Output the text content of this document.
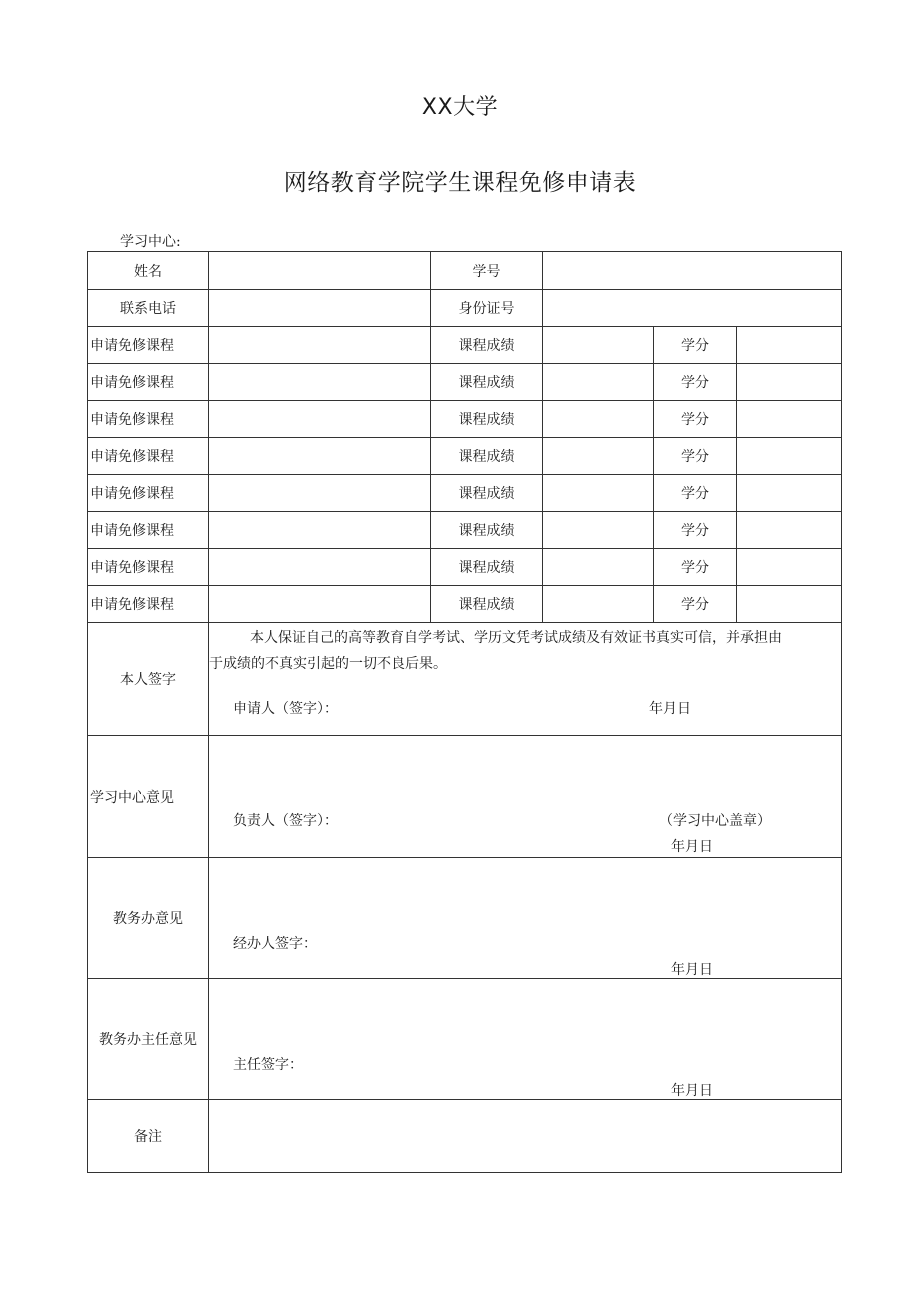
XX大学
网络教育学院学生课程免修申请表
学习中心:
姓名		学号			
联系电话		身份证号			
申请免修课程		课程成绩		学分	
申请免修课程		课程成绩		学分	
申请免修课程		课程成绩		学分	
申请免修课程		课程成绩		学分	
申请免修课程		课程成绩		学分	
申请免修课程		课程成绩		学分	
申请免修课程		课程成绩		学分	
申请免修课程		课程成绩		学分	
本人签字	本人保证自己的高等教育自学考试、学历文凭考试成绩及有效证书真实可信，并承担由
于成绩的不真实引起的一切不良后果。
申请人（签字）： 年月日				

学习中心意见	负责人（签字）： （学习中心盖章）
年月日				

教务办意见	经办人签字：
年月日				

教务办主任意见	主任签字：
年月日				

备注					
